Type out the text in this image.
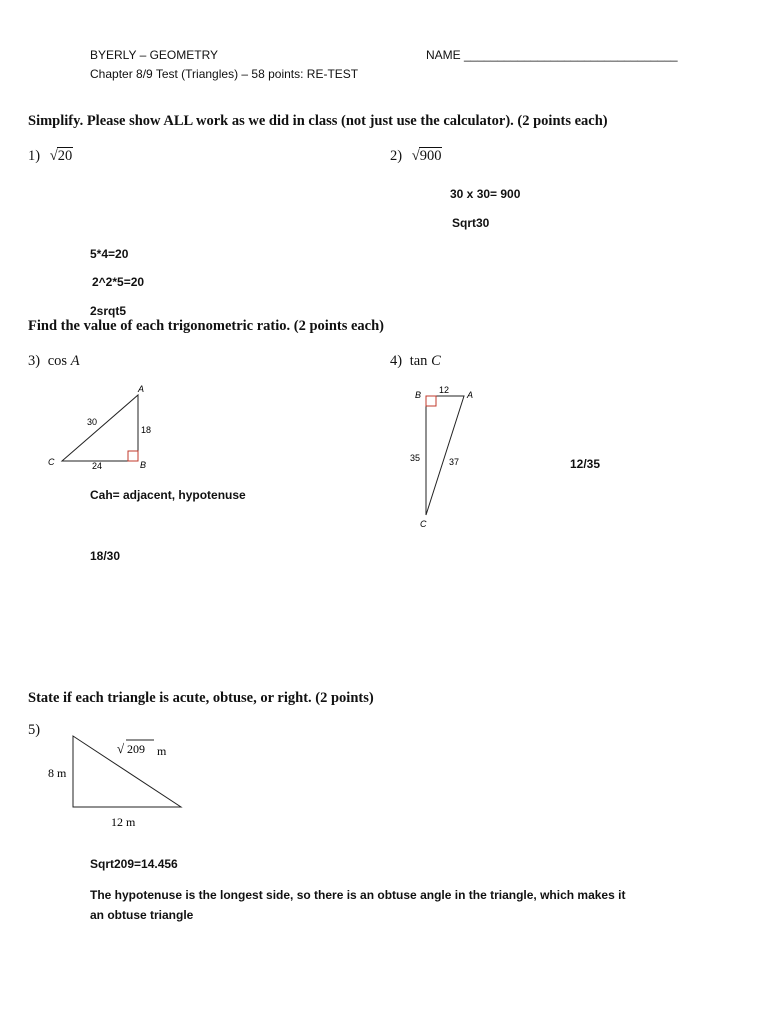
BYERLY – GEOMETRY	NAME ________________________________
Chapter 8/9 Test (Triangles) – 58 points: RE-TEST
Simplify. Please show ALL work as we did in class (not just use the calculator). (2 points each)
1) √20	2) √900
30 x 30= 900
Sqrt30
5*4=20
2^2*5=20
2srqt5
Find the value of each trigonometric ratio. (2 points each)
3) cos A	4) tan C
A
B
C
30
18
24
B	A
C
12
35	37	12/35
Cah= adjacent, hypotenuse
18/30
State if each triangle is acute, obtuse, or right. (2 points)
5)
8 m
12 m
√ 209 m
Sqrt209=14.456
The hypotenuse is the longest side, so there is an obtuse angle in the triangle, which makes it
an obtuse triangle
